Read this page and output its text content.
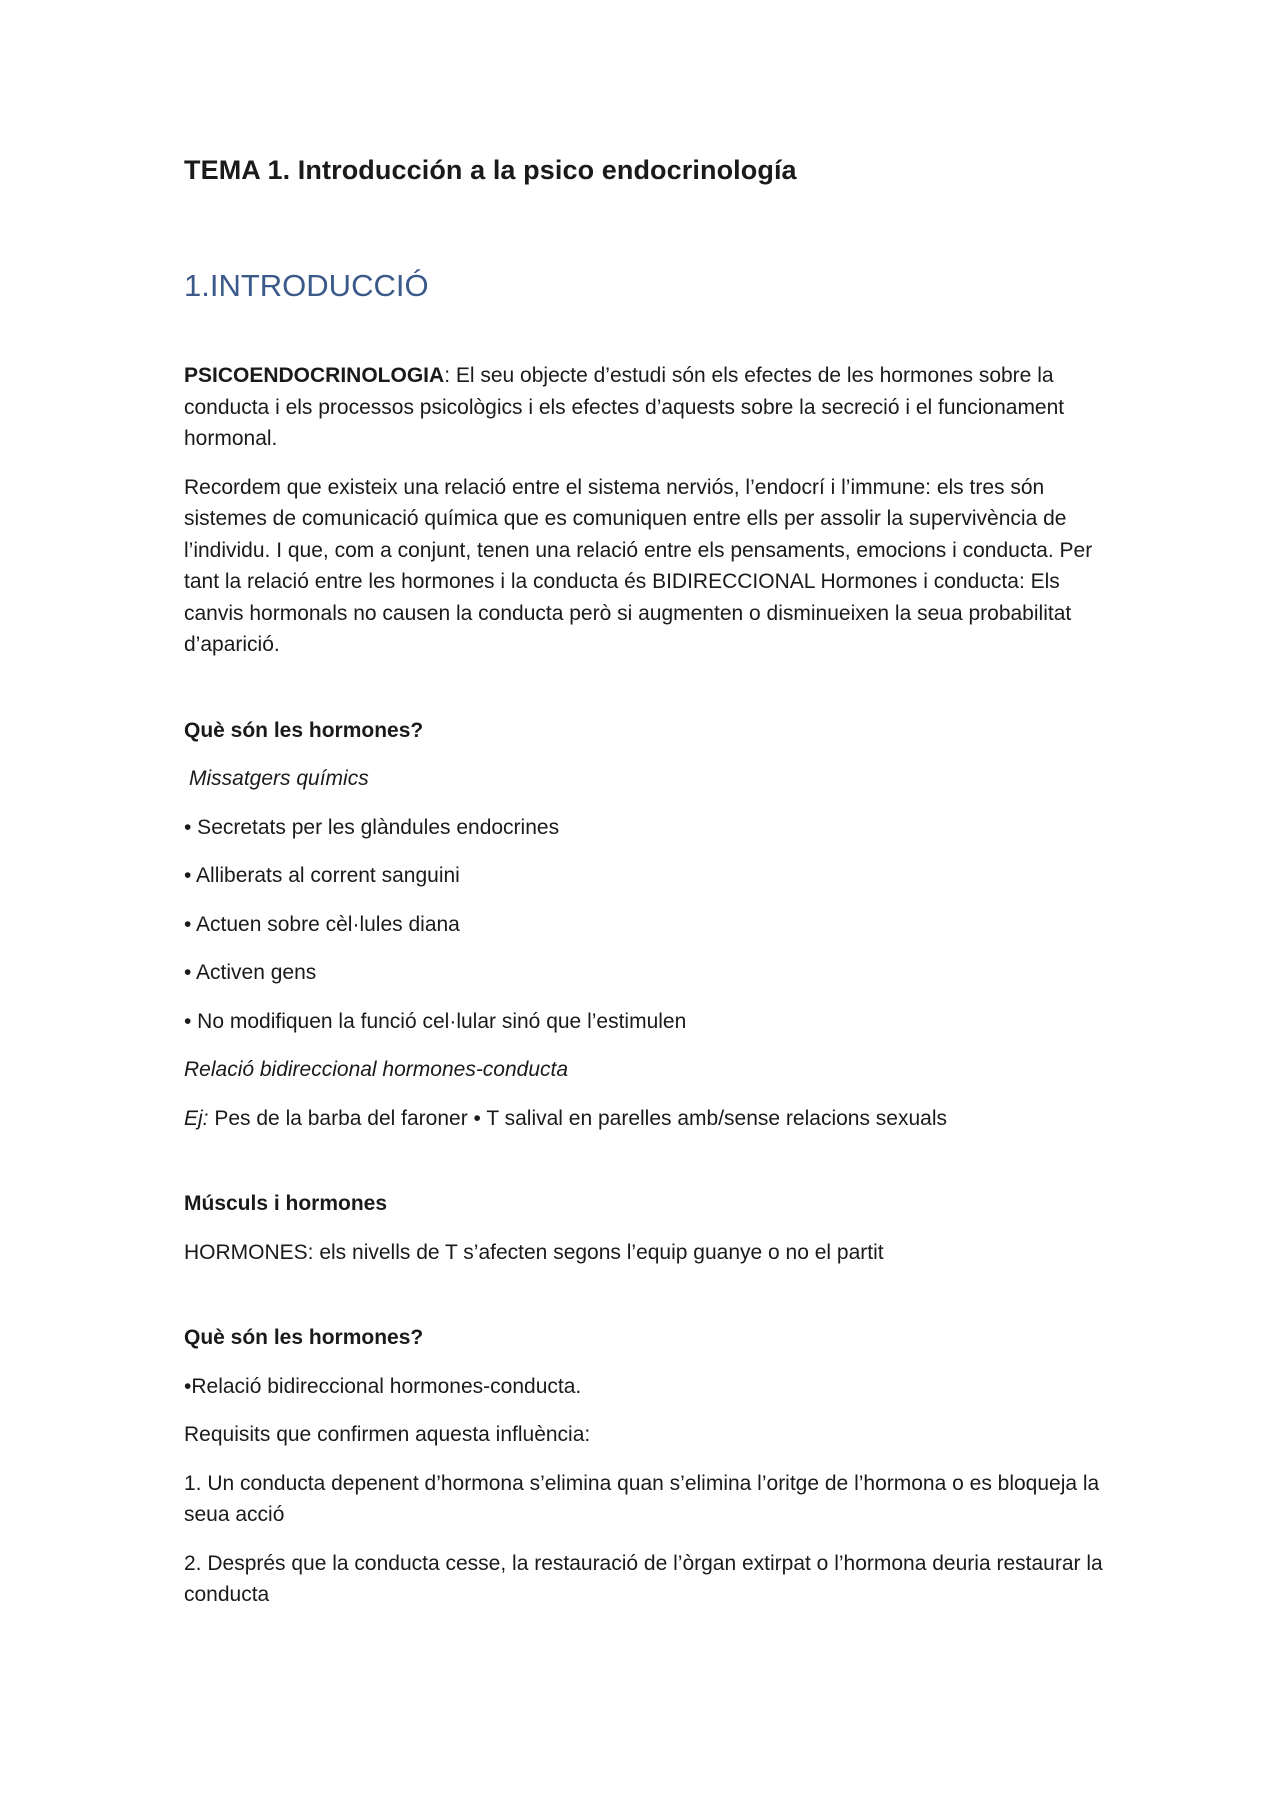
TEMA 1. Introducción a la psico endocrinología
1.INTRODUCCIÓ

PSICOENDOCRINOLOGIA: El seu objecte d’estudi són els efectes de les hormones sobre la conducta i els processos psicològics i els efectes d’aquests sobre la secreció i el funcionament hormonal.

Recordem que existeix una relació entre el sistema nerviós, l’endocrí i l’immune: els tres són sistemes de comunicació química que es comuniquen entre ells per assolir la supervivència de l’individu. I que, com a conjunt, tenen una relació entre els pensaments, emocions i conducta. Per tant la relació entre les hormones i la conducta és BIDIRECCIONAL Hormones i conducta: Els canvis hormonals no causen la conducta però si augmenten o disminueixen la seua probabilitat d’aparició.

Què són les hormones?

Missatgers químics

• Secretats per les glàndules endocrines

• Alliberats al corrent sanguini

• Actuen sobre cèl·lules diana

• Activen gens

• No modifiquen la funció cel·lular sinó que l’estimulen

Relació bidireccional hormones-conducta

Ej: Pes de la barba del faroner • T salival en parelles amb/sense relacions sexuals

Músculs i hormones

HORMONES: els nivells de T s’afecten segons l’equip guanye o no el partit

Què són les hormones?

•Relació bidireccional hormones-conducta.

Requisits que confirmen aquesta influència:

1. Un conducta depenent d’hormona s’elimina quan s’elimina l’oritge de l’hormona o es bloqueja la seua acció

2. Després que la conducta cesse, la restauració de l’òrgan extirpat o l’hormona deuria restaurar la conducta
